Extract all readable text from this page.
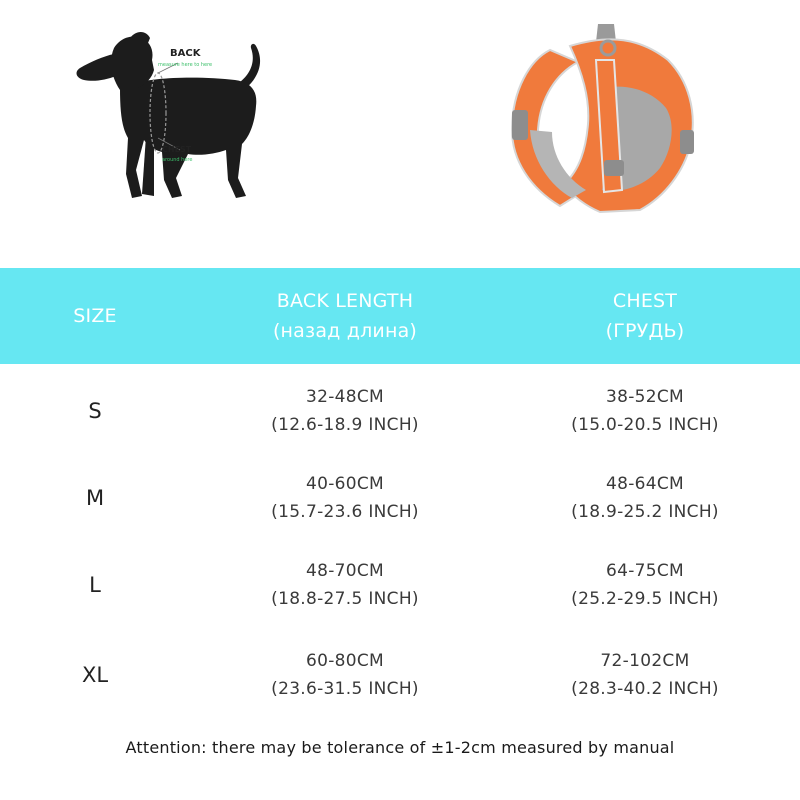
BACK
measure here to here
CHEST
around here
SIZE
BACK LENGTH
(назад длина)
CHEST
(ГРУДЬ)
S
32-48CM
(12.6-18.9 INCH)
38-52CM
(15.0-20.5 INCH)
M
40-60CM
(15.7-23.6 INCH)
48-64CM
(18.9-25.2 INCH)
L
48-70CM
(18.8-27.5 INCH)
64-75CM
(25.2-29.5 INCH)
XL
60-80CM
(23.6-31.5 INCH)
72-102CM
(28.3-40.2 INCH)
Attention: there may be tolerance of ±1-2cm measured by manual
